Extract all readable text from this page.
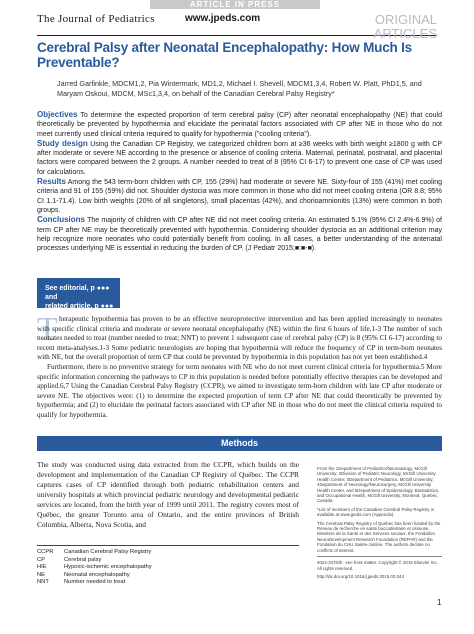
ARTICLE IN PRESS
The Journal of Pediatrics	www.jpeds.com	ORIGINAL
ARTICLES
Cerebral Palsy after Neonatal Encephalopathy: How Much Is Preventable?
Jarred Garfinkle, MDCM1,2, Pia Wintermark, MD1,2, Michael I. Shevell, MDCM1,3,4, Robert W. Platt, PhD1,5, and Maryam Oskoui, MDCM, MSc1,3,4, on behalf of the Canadian Cerebral Palsy Registry*
Objectives To determine the expected proportion of term cerebral palsy (CP) after neonatal encephalopathy (NE) that could theoretically be prevented by hypothermia and elucidate the perinatal factors associated with CP after NE in those who do not meet currently used clinical criteria required to qualify for hypothermia ("cooling criteria").
Study design Using the Canadian CP Registry, we categorized children born at ≥36 weeks with birth weight ≥1800 g with CP after moderate or severe NE according to the presence or absence of cooling criteria. Maternal, perinatal, postnatal, and placental factors were compared between the 2 groups. A number needed to treat of 8 (95% CI 6-17) to prevent one case of CP was used for calculations.
Results Among the 543 term-born children with CP, 155 (29%) had moderate or severe NE. Sixty-four of 155 (41%) met cooling criteria and 91 of 155 (59%) did not. Shoulder dystocia was more common in those who did not meet cooling criteria (OR 8.8; 95% CI 1.1-71.4). Low birth weights (20% of all singletons), small placentas (42%), and chorioamnionitis (13%) were common in both groups.
Conclusions The majority of children with CP after NE did not meet cooling criteria. An estimated 5.1% (95% CI 2.4%-6.9%) of term CP after NE may be theoretically prevented with hypothermia. Considering shoulder dystocia as an additional criterion may help recognize more neonates who could potentially benefit from cooling. In all cases, a better understanding of the antenatal processes underlying NE is essential in reducing the burden of CP. (J Pediatr 2015;■:■-■).
See editorial, p ●●● and
related article, p ●●●
T herapeutic hypothermia has proven to be an effective neuroprotective intervention and has been applied increasingly to neonates with specific clinical criteria and moderate or severe neonatal encephalopathy (NE) within the first 6 hours of life.1-3 The number of such neonates needed to treat (number needed to treat; NNT) to prevent 1 subsequent case of cerebral palsy (CP) is 8 (95% CI 6-17) according to recent meta-analyses.1-3 Some pediatric neurologists are hoping that hypothermia will reduce the frequency of CP in term-born neonates with NE, but the overall proportion of term CP that could be prevented by hypothermia in this population has not yet been established.4

Furthermore, there is no preventive strategy for term neonates with NE who do not meet current clinical criteria for hypothermia.5 More specific information concerning the pathways to CP in this population is needed before potentially effective therapies can be developed and applied.6,7 Using the Canadian Cerebral Palsy Registry (CCPR), we aimed to investigate term-born children with late CP after moderate or severe NE. The objectives were: (1) to determine the expected proportion of term CP after NE that could theoretically be prevented by hypothermia; and (2) to elucidate the perinatal factors associated with CP after NE in those who do not meet the clinical criteria required to qualify for hypothermia.

Methods
The study was conducted using data extracted from the CCPR, which builds on the development and implementation of the Canadian CP Registry of Québec. The CCPR captures cases of CP identified through both pediatric rehabilitation centers and university hospitals at which provincial pediatric neurology and developmental pediatric services are located, from the birth year of 1999 until 2011. The registry covers most of Québec, the greater Toronto area of Ontario, and the entire provinces of British Columbia, Alberta, Nova Scotia, and
CCPR	Canadian Cerebral Palsy Registry
CP	Cerebral palsy
HIE	Hypoxic-ischemic encephalopathy
NE	Neonatal encephalopathy
NNT	Number needed to treat

From the 1Department of Pediatrics/Neonatology, McGill University; 2Division of Pediatric Neurology, McGill University Health Centre; 3Department of Pediatrics, McGill University; 4Department of Neurology/Neurosurgery, McGill University Health Center, and 5Department of Epidemiology, Biostatistics, and Occupational Health, McGill University, Montreal, Quebec, Canada

*List of members of the Canadian Cerebral Palsy Registry is available at www.jpeds.com (Appendix).

The Cerebral Palsy Registry of Québec has been funded by the Réseau de recherche en santé buccodentaire et osseuse, Ministère de la Santé et des Services sociaux, the Fondation NeuroDevelopment Research Foundation (REPAR) and the Fondation du CHU Sainte-Justine. The authors declare no conflicts of interest.

0022-3476/$ - see front matter. Copyright © 2015 Elsevier Inc. All rights reserved.

http://dx.doi.org/10.1016/j.jpeds.2015.03.044

1
